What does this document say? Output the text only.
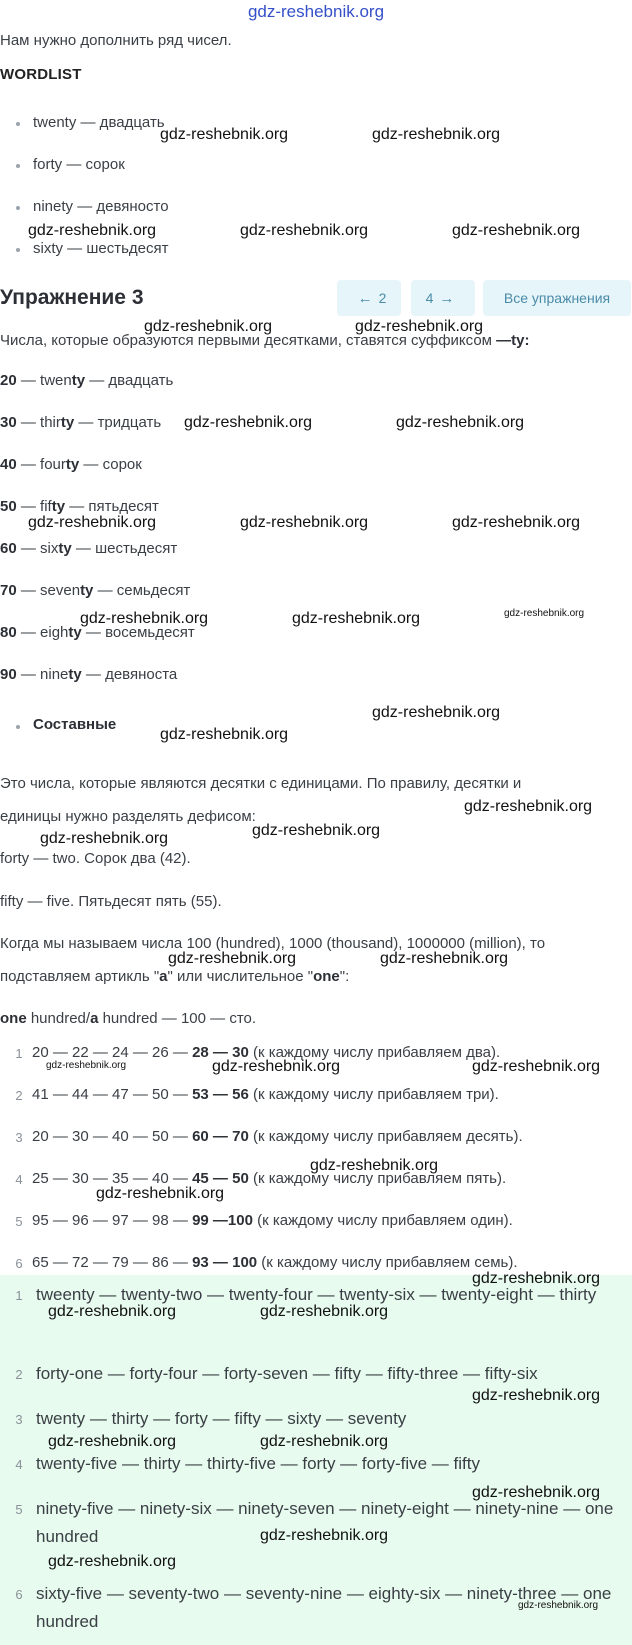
gdz-reshebnik.org
Нам нужно дополнить ряд чисел.
WORDLIST
twenty — двадцать
forty — сорок
ninety — девяносто
sixty — шестьдесят
Упражнение 3	← 2	4 →	Все упражнения
Числа, которые образуются первыми десятками, ставятся суффиксом —ty:
20 — twenty — двадцать
30 — thirty — тридцать
40 — fourty — сорок
50 — fifty — пятьдесят
60 — sixty — шестьдесят
70 — seventy — семьдесят
80 — eighty — восемьдесят
90 — ninety — девяноста
Составные
Это числа, которые являются десятки с единицами. По правилу, десятки и
единицы нужно разделять дефисом:
forty — two. Сорок два (42).
fifty — five. Пятьдесят пять (55).
Когда мы называем числа 100 (hundred), 1000 (thousand), 1000000 (million), то
подставляем артикль "a" или числительное "one":
one hundred/a hundred — 100 — сто.
1 20 — 22 — 24 — 26 — 28 — 30 (к каждому числу прибавляем два).
2 41 — 44 — 47 — 50 — 53 — 56 (к каждому числу прибавляем три).
3 20 — 30 — 40 — 50 — 60 — 70 (к каждому числу прибавляем десять).
4 25 — 30 — 35 — 40 — 45 — 50 (к каждому числу прибавляем пять).
5 95 — 96 — 97 — 98 — 99 —100 (к каждому числу прибавляем один).
6 65 — 72 — 79 — 86 — 93 — 100 (к каждому числу прибавляем семь).
1 tweenty — twenty-two — twenty-four — twenty-six — twenty-eight — thirty
2 forty-one — forty-four — forty-seven — fifty — fifty-three — fifty-six
3 twenty — thirty — forty — fifty — sixty — seventy
4 twenty-five — thirty — thirty-five — forty — forty-five — fifty
5 ninety-five — ninety-six — ninety-seven — ninety-eight — ninety-nine — one hundred
6 sixty-five — seventy-two — seventy-nine — eighty-six — ninety-three — one hundred
gdz-reshebnik.org	gdz-reshebnik.org
gdz-reshebnik.org	gdz-reshebnik.org	gdz-reshebnik.org
gdz-reshebnik.org	gdz-reshebnik.org
gdz-reshebnik.org	gdz-reshebnik.org
gdz-reshebnik.org	gdz-reshebnik.org	gdz-reshebnik.org
gdz-reshebnik.org	gdz-reshebnik.org	gdz-reshebnik.org
gdz-reshebnik.org
gdz-reshebnik.org
gdz-reshebnik.org
gdz-reshebnik.org
gdz-reshebnik.org
gdz-reshebnik.org	gdz-reshebnik.org
gdz-reshebnik.org	gdz-reshebnik.org	gdz-reshebnik.org
gdz-reshebnik.org
gdz-reshebnik.org
gdz-reshebnik.org
gdz-reshebnik.org	gdz-reshebnik.org
gdz-reshebnik.org
gdz-reshebnik.org	gdz-reshebnik.org
gdz-reshebnik.org
gdz-reshebnik.org
gdz-reshebnik.org
gdz-reshebnik.org
